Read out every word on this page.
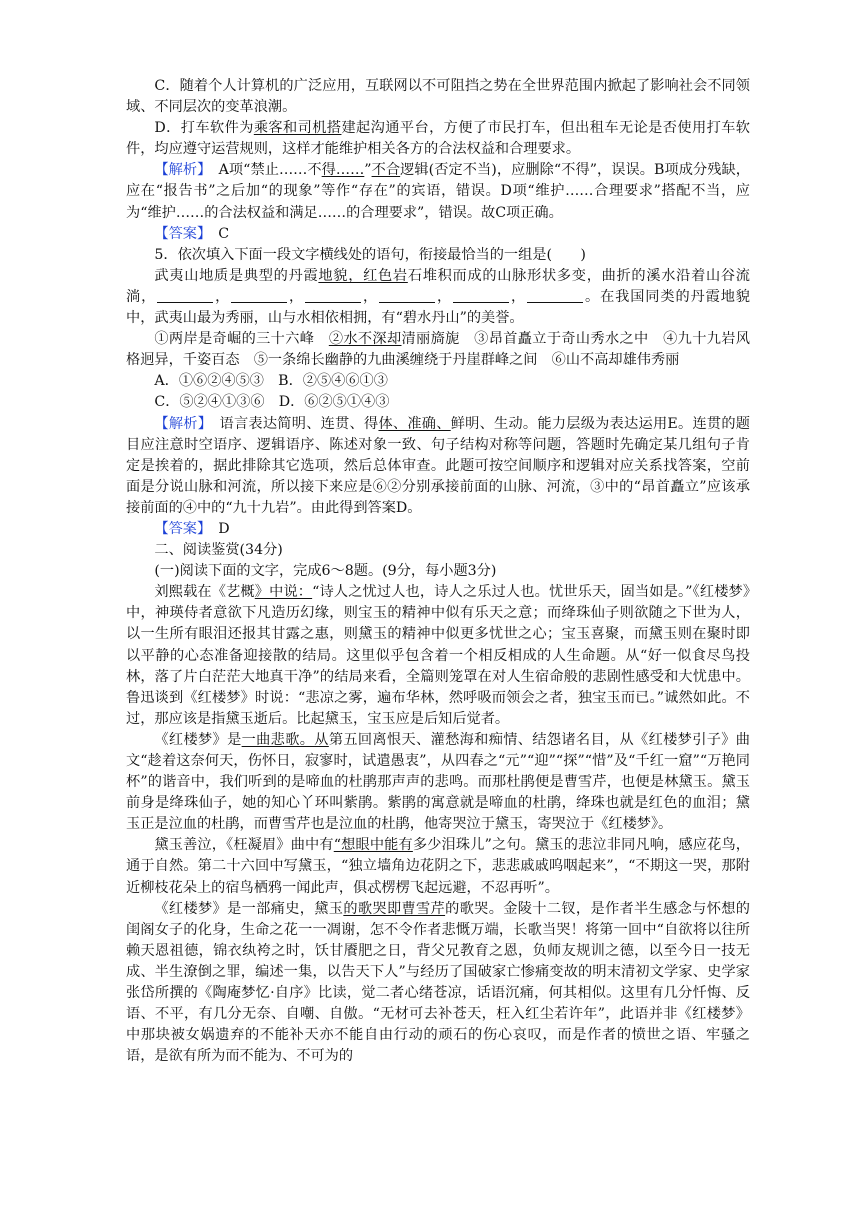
C．随着个人计算机的广泛应用，互联网以不可阻挡之势在全世界范围内掀起了影响社会不同领域、不同层次的变革浪潮。

D．打车软件为乘客和司机搭建起沟通平台，方便了市民打车，但出租车无论是否使用打车软件，均应遵守运营规则，这样才能维护相关各方的合法权益和合理要求。

【解析】　A项“禁止……不得……”不合逻辑(否定不当)，应删除“不得”，误误。B项成分残缺，应在“报告书”之后加“的现象”等作“存在”的宾语，错误。D项“维护……合理要求”搭配不当，应为“维护……的合法权益和满足……的合理要求”，错误。故C项正确。

【答案】　C

5．依次填入下面一段文字横线处的语句，衔接最恰当的一组是(　　)

武夷山地质是典型的丹霞地貌，红色岩石堆积而成的山脉形状多变，曲折的溪水沿着山谷流淌，	，	，	，	，	，	。在我国同类的丹霞地貌中，武夷山最为秀丽，山与水相依相拥，有“碧水丹山”的美誉。

①两岸是奇崛的三十六峰　②水不深却清丽旖旎　③昂首矗立于奇山秀水之中　④九十九岩风格迥异，千姿百态　⑤一条绵长幽静的九曲溪缠绕于丹崖群峰之间　⑥山不高却雄伟秀丽

A．①⑥②④⑤③　B．②⑤④⑥①③

C．⑤②④①③⑥　D．⑥②⑤①④③

【解析】　语言表达简明、连贯、得体、准确、鲜明、生动。能力层级为表达运用E。连贯的题目应注意时空语序、逻辑语序、陈述对象一致、句子结构对称等问题，答题时先确定某几组句子肯定是挨着的，据此排除其它选项，然后总体审查。此题可按空间顺序和逻辑对应关系找答案，空前面是分说山脉和河流，所以接下来应是⑥②分别承接前面的山脉、河流，③中的“昂首矗立”应该承接前面的④中的“九十九岩”。由此得到答案D。

【答案】　D

二、阅读鉴赏(34分)

(一)阅读下面的文字，完成6～8题。(9分，每小题3分)

刘熙载在《艺概》中说：“诗人之忧过人也，诗人之乐过人也。忧世乐天，固当如是。”《红楼梦》中，神瑛侍者意欲下凡造历幻缘，则宝玉的精神中似有乐天之意；而绛珠仙子则欲随之下世为人，以一生所有眼泪还报其甘露之惠，则黛玉的精神中似更多忧世之心；宝玉喜聚，而黛玉则在聚时即以平静的心态准备迎接散的结局。这里似乎包含着一个相反相成的人生命题。从“好一似食尽鸟投林，落了片白茫茫大地真干净”的结局来看，全篇则笼罩在对人生宿命般的悲剧性感受和大忧患中。鲁迅谈到《红楼梦》时说：“悲凉之雾，遍布华林，然呼吸而领会之者，独宝玉而已。”诚然如此。不过，那应该是指黛玉逝后。比起黛玉，宝玉应是后知后觉者。

《红楼梦》是一曲悲歌。从第五回离恨天、灌愁海和痴情、结怨诸名目，从《红楼梦引子》曲文“趁着这奈何天，伤怀日，寂寥时，试遣愚衷”，从四春之“元”“迎”“探”“惜”及“千红一窟”“万艳同杯”的谐音中，我们听到的是啼血的杜鹃那声声的悲鸣。而那杜鹃便是曹雪芹，也便是林黛玉。黛玉前身是绛珠仙子，她的知心丫环叫紫鹃。紫鹃的寓意就是啼血的杜鹃，绛珠也就是红色的血泪；黛玉正是泣血的杜鹃，而曹雪芹也是泣血的杜鹃，他寄哭泣于黛玉，寄哭泣于《红楼梦》。

黛玉善泣，《枉凝眉》曲中有“想眼中能有多少泪珠儿”之句。黛玉的悲泣非同凡响，感应花鸟，通于自然。第二十六回中写黛玉，“独立墙角边花阴之下，悲悲戚戚呜咽起来”，“不期这一哭，那附近柳枝花朵上的宿鸟栖鸦一闻此声，俱忒楞楞飞起远避，不忍再听”。

《红楼梦》是一部痛史，黛玉的歌哭即曹雪芹的歌哭。金陵十二钗，是作者半生感念与怀想的闺阁女子的化身，生命之花一一凋谢，怎不令作者悲慨万端，长歌当哭！将第一回中“自欲将以往所赖天恩祖德，锦衣纨袴之时，饫甘餍肥之日，背父兄教育之恩，负师友规训之德，以至今日一技无成、半生潦倒之罪，编述一集，以告天下人”与经历了国破家亡惨痛变故的明末清初文学家、史学家张岱所撰的《陶庵梦忆·自序》比读，觉二者心绪苍凉，话语沉痛，何其相似。这里有几分忏悔、反语、不平，有几分无奈、自嘲、自傲。“无材可去补苍天，枉入红尘若许年”，此语并非《红楼梦》中那块被女娲遗弃的不能补天亦不能自由行动的顽石的伤心哀叹，而是作者的愤世之语、牢骚之语，是欲有所为而不能为、不可为的
